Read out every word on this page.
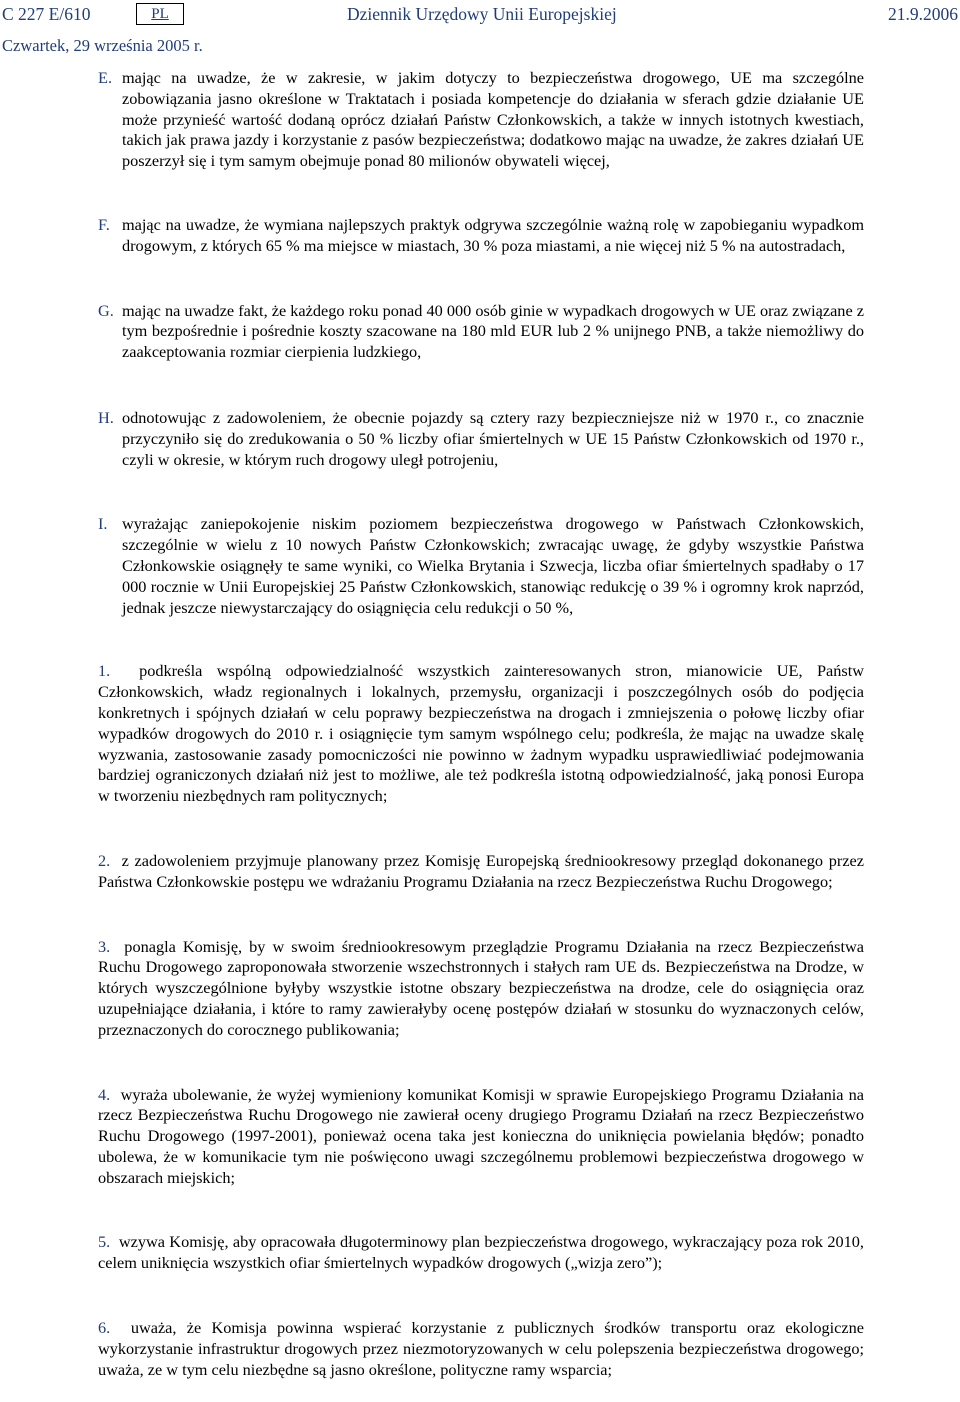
C 227 E/610	PL	Dziennik Urzędowy Unii Europejskiej	21.9.2006
Czwartek, 29 września 2005 r.
E. mając na uwadze, że w zakresie, w jakim dotyczy to bezpieczeństwa drogowego, UE ma szczególne zobowiązania jasno określone w Traktatach i posiada kompetencje do działania w sferach gdzie działanie UE może przynieść wartość dodaną oprócz działań Państw Członkowskich, a także w innych istotnych kwestiach, takich jak prawa jazdy i korzystanie z pasów bezpieczeństwa; dodatkowo mając na uwadze, że zakres działań UE poszerzył się i tym samym obejmuje ponad 80 milionów obywateli więcej,

F. mając na uwadze, że wymiana najlepszych praktyk odgrywa szczególnie ważną rolę w zapobieganiu wypadkom drogowym, z których 65 % ma miejsce w miastach, 30 % poza miastami, a nie więcej niż 5 % na autostradach,

G. mając na uwadze fakt, że każdego roku ponad 40 000 osób ginie w wypadkach drogowych w UE oraz związane z tym bezpośrednie i pośrednie koszty szacowane na 180 mld EUR lub 2 % unijnego PNB, a także niemożliwy do zaakceptowania rozmiar cierpienia ludzkiego,

H. odnotowując z zadowoleniem, że obecnie pojazdy są cztery razy bezpieczniejsze niż w 1970 r., co znacznie przyczyniło się do zredukowania o 50 % liczby ofiar śmiertelnych w UE 15 Państw Członkowskich od 1970 r., czyli w okresie, w którym ruch drogowy uległ potrojeniu,

I. wyrażając zaniepokojenie niskim poziomem bezpieczeństwa drogowego w Państwach Członkowskich, szczególnie w wielu z 10 nowych Państw Członkowskich; zwracając uwagę, że gdyby wszystkie Państwa Członkowskie osiągnęły te same wyniki, co Wielka Brytania i Szwecja, liczba ofiar śmiertelnych spadłaby o 17 000 rocznie w Unii Europejskiej 25 Państw Członkowskich, stanowiąc redukcję o 39 % i ogromny krok naprzód, jednak jeszcze niewystarczający do osiągnięcia celu redukcji o 50 %,

1. podkreśla wspólną odpowiedzialność wszystkich zainteresowanych stron, mianowicie UE, Państw Członkowskich, władz regionalnych i lokalnych, przemysłu, organizacji i poszczególnych osób do podjęcia konkretnych i spójnych działań w celu poprawy bezpieczeństwa na drogach i zmniejszenia o połowę liczby ofiar wypadków drogowych do 2010 r. i osiągnięcie tym samym wspólnego celu; podkreśla, że mając na uwadze skalę wyzwania, zastosowanie zasady pomocniczości nie powinno w żadnym wypadku usprawiedliwiać podejmowania bardziej ograniczonych działań niż jest to możliwe, ale też podkreśla istotną odpowiedzialność, jaką ponosi Europa w tworzeniu niezbędnych ram politycznych;

2. z zadowoleniem przyjmuje planowany przez Komisję Europejską średniookresowy przegląd dokonanego przez Państwa Członkowskie postępu we wdrażaniu Programu Działania na rzecz Bezpieczeństwa Ruchu Drogowego;

3. ponagla Komisję, by w swoim średniookresowym przeglądzie Programu Działania na rzecz Bezpieczeństwa Ruchu Drogowego zaproponowała stworzenie wszechstronnych i stałych ram UE ds. Bezpieczeństwa na Drodze, w których wyszczególnione byłyby wszystkie istotne obszary bezpieczeństwa na drodze, cele do osiągnięcia oraz uzupełniające działania, i które to ramy zawierałyby ocenę postępów działań w stosunku do wyznaczonych celów, przeznaczonych do corocznego publikowania;

4. wyraża ubolewanie, że wyżej wymieniony komunikat Komisji w sprawie Europejskiego Programu Działania na rzecz Bezpieczeństwa Ruchu Drogowego nie zawierał oceny drugiego Programu Działań na rzecz Bezpieczeństwo Ruchu Drogowego (1997-2001), ponieważ ocena taka jest konieczna do uniknięcia powielania błędów; ponadto ubolewa, że w komunikacie tym nie poświęcono uwagi szczególnemu problemowi bezpieczeństwa drogowego w obszarach miejskich;

5. wzywa Komisję, aby opracowała długoterminowy plan bezpieczeństwa drogowego, wykraczający poza rok 2010, celem uniknięcia wszystkich ofiar śmiertelnych wypadków drogowych („wizja zero”);

6. uważa, że Komisja powinna wspierać korzystanie z publicznych środków transportu oraz ekologiczne wykorzystanie infrastruktur drogowych przez niezmotoryzowanych w celu polepszenia bezpieczeństwa drogowego; uważa, ze w tym celu niezbędne są jasno określone, polityczne ramy wsparcia;
